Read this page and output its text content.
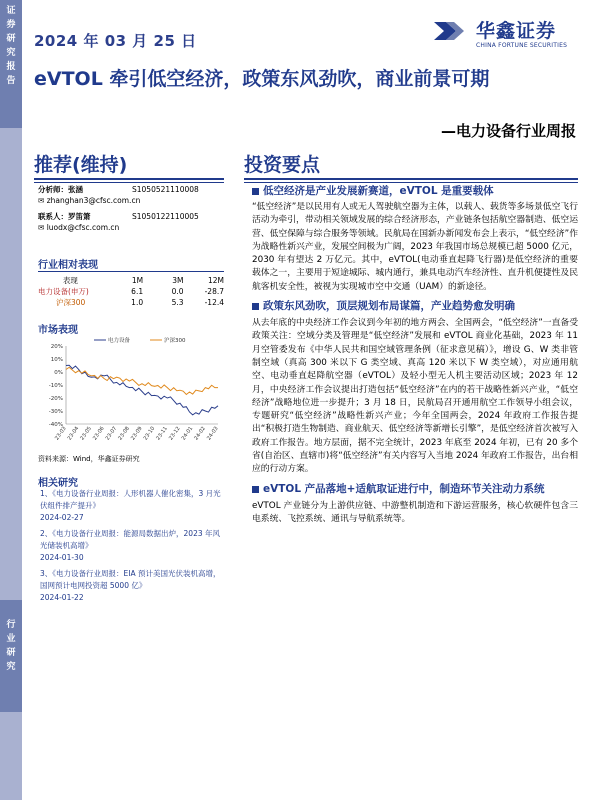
证
券
研
究
报
告
行
业
研
究
2024 年 03 月 25 日	华鑫证券
CHINA FORTUNE SECURITIES
eVTOL 牵引低空经济，政策东风劲吹，商业前景可期
—电力设备行业周报
推荐(维持)	投资要点
分析师：张涵	S1050521110008
✉ zhanghan3@cfsc.com.cn
联系人：罗笛箫	S1050122110005
✉ luodx@cfsc.com.cn
行业相对表现
表现	1M	3M	12M
电力设备(申万)	6.1	0.0	-28.7
沪深300	1.0	5.3	-12.4
市场表现
20%
10%
0%
-10%
-20%
-30%
-40%
23-03 23-04 23-05 23-06 23-07 23-08 23-09 23-10 23-11 23-12 24-01 24-02 24-03
电力设备	沪深300
资料来源：Wind，华鑫证券研究
相关研究
1、《电力设备行业周报：人形机器人催化密集，3 月光伏组件排产提升》
2024-02-27
2、《电力设备行业周报：能源局数据出炉，2023 年风光储装机高增》
2024-01-30
3、《电力设备行业周报：EIA 预计美国光伏装机高增，国网预计电网投资超 5000 亿》
2024-01-22
低空经济是产业发展新赛道，eVTOL 是重要载体
“低空经济”是以民用有人或无人驾驶航空器为主体，以载人、载货等多场景低空飞行活动为牵引，带动相关领域发展的综合经济形态，产业链条包括航空器制造、低空运营、低空保障与综合服务等领域。民航局在国新办新闻发布会上表示，“低空经济”作为战略性新兴产业，发展空间极为广阔，2023 年我国市场总规模已超 5000 亿元，2030 年有望达 2 万亿元。其中，eVTOL(电动垂直起降飞行器)是低空经济的重要载体之一，主要用于短途城际、城内通行，兼具电动汽车经济性、直升机便捷性及民航客机安全性，被视为实现城市空中交通（UAM）的新途径。
政策东风劲吹，顶层规划布局谋篇，产业趋势愈发明确
从去年底的中央经济工作会议到今年初的地方两会、全国两会，“低空经济”一直备受政策关注：空域分类及管理是“低空经济”发展和 eVTOL 商业化基础，2023 年 11 月空管委发布《中华人民共和国空域管理条例（征求意见稿）》，增设 G、W 类非管制空域（真高 300 米以下 G 类空域、真高 120 米以下 W 类空域），对应通用航空、电动垂直起降航空器（eVTOL）及轻小型无人机主要活动区域；2023 年 12 月，中央经济工作会议提出打造包括“低空经济”在内的若干战略性新兴产业，“低空经济”战略地位进一步提升；3 月 18 日，民航局召开通用航空工作领导小组会议，专题研究“低空经济”战略性新兴产业；今年全国两会，2024 年政府工作报告提出“积极打造生物制造、商业航天、低空经济等新增长引擎”，是低空经济首次被写入政府工作报告。地方层面，据不完全统计，2023 年底至 2024 年初，已有 20 多个省(自治区、直辖市)将“低空经济”有关内容写入当地 2024 年政府工作报告，出台相应的行动方案。
eVTOL 产品落地+适航取证进行中，制造环节关注动力系统
eVTOL 产业链分为上游供应链、中游整机制造和下游运营服务，核心软硬件包含三电系统、飞控系统、通讯与导航系统等。
